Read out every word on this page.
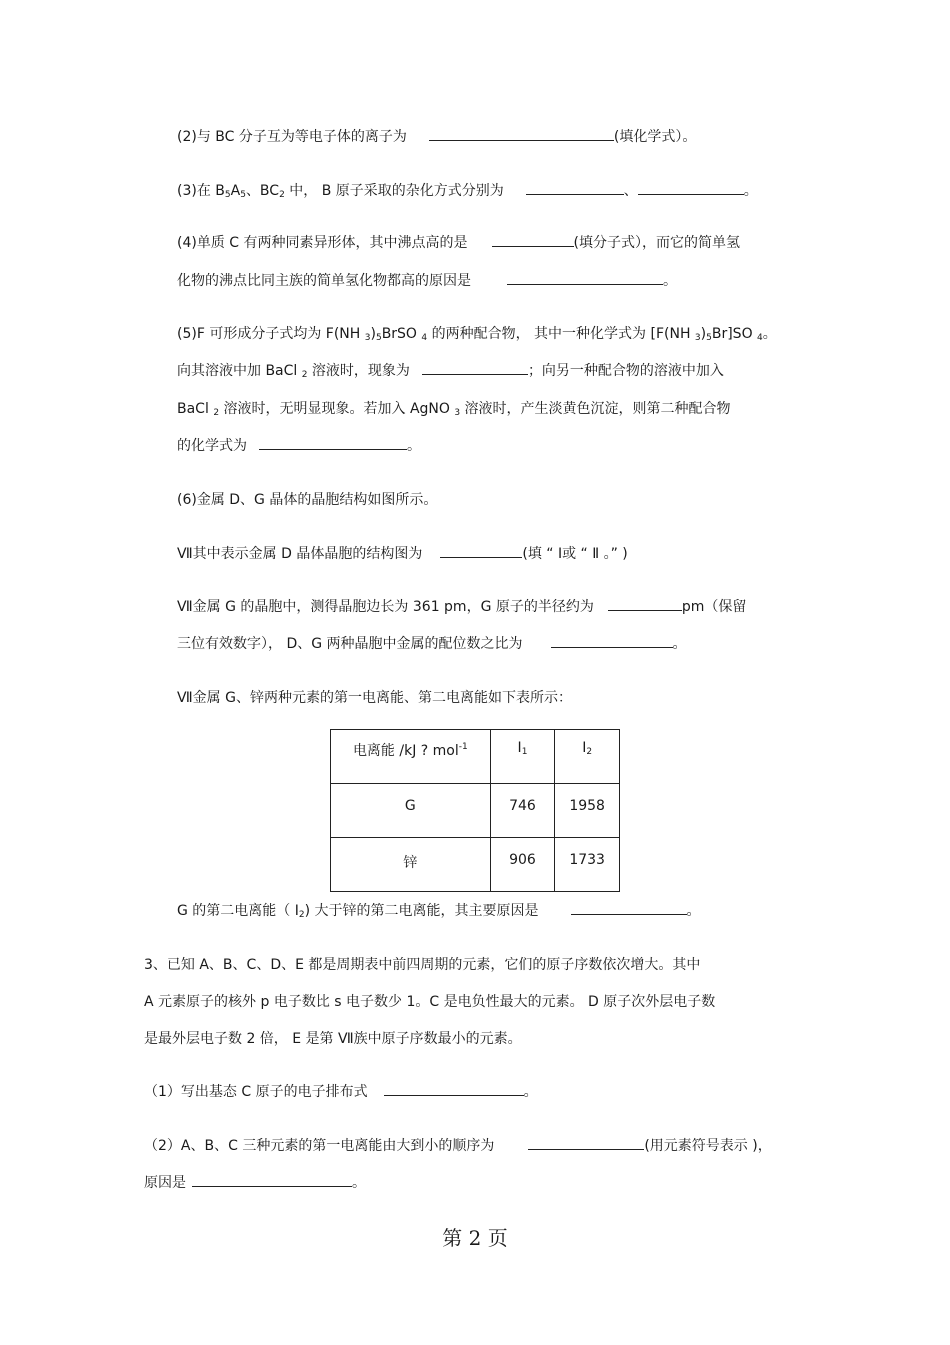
(2)与 BC 分子互为等电子体的离子为	(填化学式）。
(3)在 $B_5A_5$、$BC_2$ 中， B 原子采取的杂化方式分别为	、	。
(4)单质 C 有两种同素异形体，其中沸点高的是	(填分子式），而它的简单氢
化物的沸点比同主族的简单氢化物都高的原因是	。
(5)F 可形成分子式均为 F(NH $_3)_5BrSO$ $_4$ 的两种配合物， 其中一种化学式为 [F(NH $_3)_5Br]SO$ $_4$。
向其溶液中加 BaCl $_2$ 溶液时，现象为	；向另一种配合物的溶液中加入
BaCl $_2$ 溶液时，无明显现象。若加入 AgNO $_3$ 溶液时，产生淡黄色沉淀，则第二种配合物
的化学式为	。
(6)金属 D、G 晶体的晶胞结构如图所示。
Ⅶ其中表示金属 D 晶体晶胞的结构图为	(填 “ Ⅰ或 “ Ⅱ 。” )
Ⅶ金属 G 的晶胞中，测得晶胞边长为 361 pm，G 原子的半径约为	pm（保留
三位有效数字）， D、G 两种晶胞中金属的配位数之比为	。
Ⅶ金属 G、锌两种元素的第一电离能、第二电离能如下表所示：
电离能 /kJ ? mol$^{-1}$	$I_1$	$I_2$
G	746	1958
锌	906	1733
G 的第二电离能（ $I_2$) 大于锌的第二电离能，其主要原因是	。
3、已知 A、B、C、D、E 都是周期表中前四周期的元素，它们的原子序数依次增大。其中
A 元素原子的核外 p 电子数比 s 电子数少 1。C 是电负性最大的元素。 D 原子次外层电子数
是最外层电子数 2 倍， E 是第 Ⅶ族中原子序数最小的元素。
（1）写出基态 C 原子的电子排布式	。
（2）A、B、C 三种元素的第一电离能由大到小的顺序为	(用元素符号表示 )，
原因是	。
第 2 页
